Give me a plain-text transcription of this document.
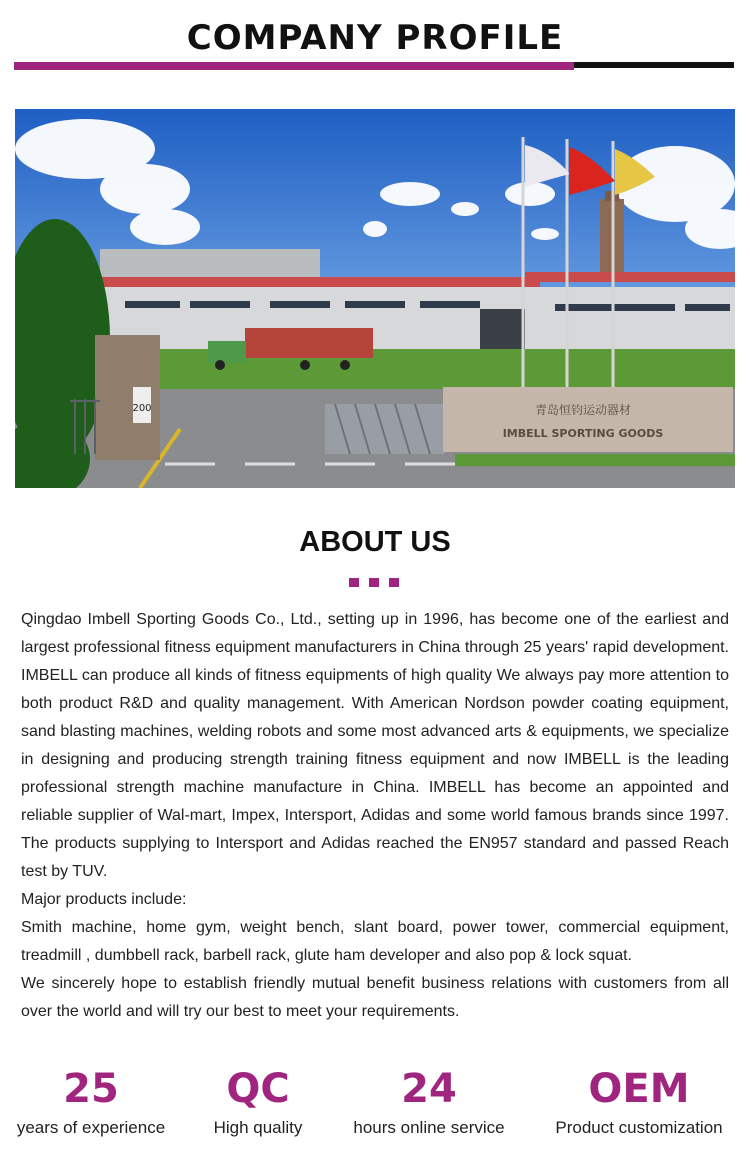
COMPANY PROFILE
200	青岛恒钧运动器材
IMBELL SPORTING GOODS
ABOUT US

Qingdao Imbell Sporting Goods Co., Ltd., setting up in 1996, has become one of the earliest and largest professional fitness equipment manufacturers in China through 25 years' rapid development. IMBELL can produce all kinds of fitness equipments of high quality We always pay more attention to both product R&D and quality management. With American Nordson powder coating equipment, sand blasting machines, welding robots and some most advanced arts & equipments, we specialize in designing and producing strength training fitness equipment and now IMBELL is the leading professional strength machine manufacture in China. IMBELL has become an appointed and reliable supplier of Wal-mart, Impex, Intersport, Adidas and some world famous brands since 1997. The products supplying to Intersport and Adidas reached the EN957 standard and passed Reach test by TUV.

Major products include:

Smith machine, home gym, weight bench, slant board, power tower, commercial equipment, treadmill , dumbbell rack, barbell rack, glute ham developer and also pop & lock squat.

We sincerely hope to establish friendly mutual benefit business relations with customers from all over the world and will try our best to meet your requirements.

25
years of experience
QC
High quality
24
hours online service
OEM
Product customization
